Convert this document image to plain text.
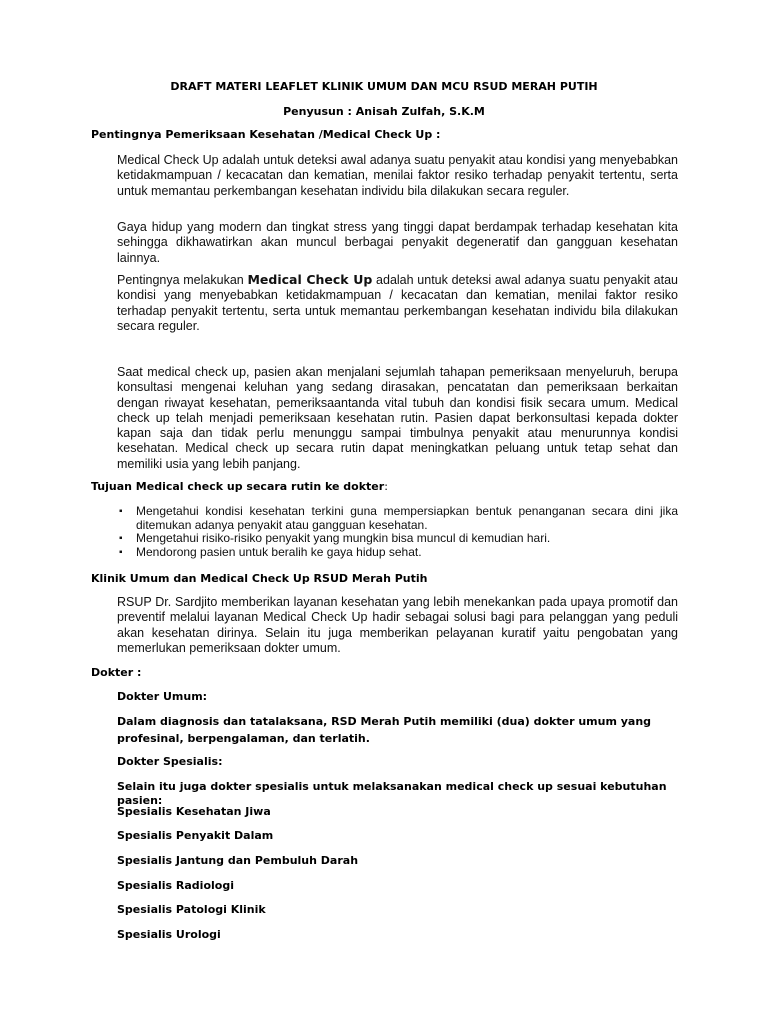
DRAFT MATERI LEAFLET KLINIK UMUM DAN MCU RSUD MERAH PUTIH
Penyusun : Anisah Zulfah, S.K.M
Pentingnya Pemeriksaan Kesehatan /Medical Check Up :
Medical Check Up adalah untuk deteksi awal adanya suatu penyakit atau kondisi yang menyebabkan ketidakmampuan / kecacatan dan kematian, menilai faktor resiko terhadap penyakit tertentu, serta untuk memantau perkembangan kesehatan individu bila dilakukan secara reguler.
Gaya hidup yang modern dan tingkat stress yang tinggi dapat berdampak terhadap kesehatan kita sehingga dikhawatirkan akan muncul berbagai penyakit degeneratif dan gangguan kesehatan lainnya.
Pentingnya melakukan Medical Check Up adalah untuk deteksi awal adanya suatu penyakit atau kondisi yang menyebabkan ketidakmampuan / kecacatan dan kematian, menilai faktor resiko terhadap penyakit tertentu, serta untuk memantau perkembangan kesehatan individu bila dilakukan secara reguler.
Saat medical check up, pasien akan menjalani sejumlah tahapan pemeriksaan menyeluruh, berupa konsultasi mengenai keluhan yang sedang dirasakan, pencatatan dan pemeriksaan berkaitan dengan riwayat kesehatan, pemeriksaantanda vital tubuh dan kondisi fisik secara umum. Medical check up telah menjadi pemeriksaan kesehatan rutin. Pasien dapat berkonsultasi kepada dokter kapan saja dan tidak perlu menunggu sampai timbulnya penyakit atau menurunnya kondisi kesehatan. Medical check up secara rutin dapat meningkatkan peluang untuk tetap sehat dan memiliki usia yang lebih panjang.
Tujuan Medical check up secara rutin ke dokter:
▪ Mengetahui kondisi kesehatan terkini guna mempersiapkan bentuk penanganan secara dini jika ditemukan adanya penyakit atau gangguan kesehatan.
▪ Mengetahui risiko-risiko penyakit yang mungkin bisa muncul di kemudian hari.
▪ Mendorong pasien untuk beralih ke gaya hidup sehat.
Klinik Umum dan Medical Check Up RSUD Merah Putih
RSUP Dr. Sardjito memberikan layanan kesehatan yang lebih menekankan pada upaya promotif dan preventif melalui layanan Medical Check Up hadir sebagai solusi bagi para pelanggan yang peduli akan kesehatan dirinya. Selain itu juga memberikan pelayanan kuratif yaitu pengobatan yang memerlukan pemeriksaan dokter umum.
Dokter :
Dokter Umum:
Dalam diagnosis dan tatalaksana, RSD Merah Putih memiliki (dua) dokter umum yang profesinal, berpengalaman, dan terlatih.
Dokter Spesialis:
Selain itu juga dokter spesialis untuk melaksanakan medical check up sesuai kebutuhan pasien:
Spesialis Kesehatan Jiwa
Spesialis Penyakit Dalam
Spesialis Jantung dan Pembuluh Darah
Spesialis Radiologi
Spesialis Patologi Klinik
Spesialis Urologi
